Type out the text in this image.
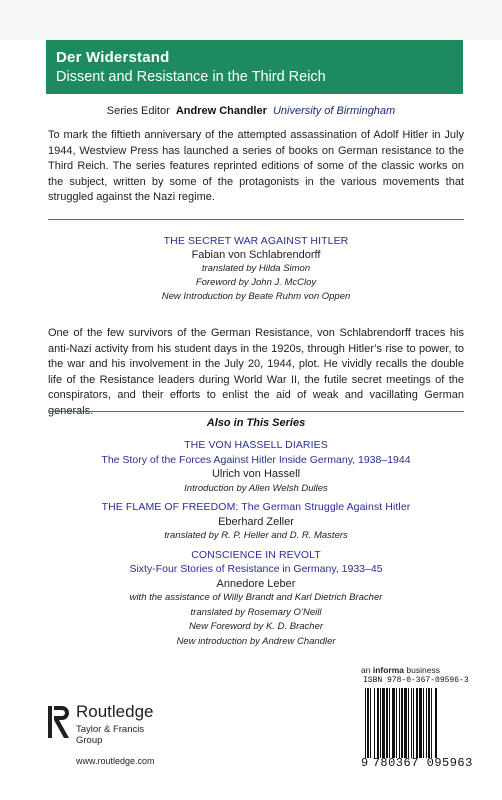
Der Widerstand
Dissent and Resistance in the Third Reich
Series Editor Andrew Chandler University of Birmingham
To mark the fiftieth anniversary of the attempted assassination of Adolf Hitler in July 1944, Westview Press has launched a series of books on German resistance to the Third Reich. The series features reprinted editions of some of the classic works on the subject, written by some of the protagonists in the various movements that struggled against the Nazi regime.
THE SECRET WAR AGAINST HITLER
Fabian von Schlabrendorff
translated by Hilda Simon
Foreword by John J. McCloy
New Introduction by Beate Ruhm von Oppen
One of the few survivors of the German Resistance, von Schlabrendorff traces his anti-Nazi activity from his student days in the 1920s, through Hitler’s rise to power, to the war and his involvement in the July 20, 1944, plot. He vividly recalls the double life of the Resistance leaders during World War II, the futile secret meetings of the conspirators, and their efforts to enlist the aid of weak and vacillating German generals.
Also in This Series
THE VON HASSELL DIARIES
The Story of the Forces Against Hitler Inside Germany, 1938–1944
Ulrich von Hassell
Introduction by Allen Welsh Dulles
THE FLAME OF FREEDOM: The German Struggle Against Hitler
Eberhard Zeller
translated by R. P. Heller and D. R. Masters
CONSCIENCE IN REVOLT
Sixty-Four Stories of Resistance in Germany, 1933–45
Annedore Leber
with the assistance of Willy Brandt and Karl Dietrich Bracher
translated by Rosemary O’Neill
New Foreword by K. D. Bracher
New introduction by Andrew Chandler
Routledge
Taylor & Francis Group
www.routledge.com
an informa business
ISBN 978-0-367-09596-3
9 780367 095963
